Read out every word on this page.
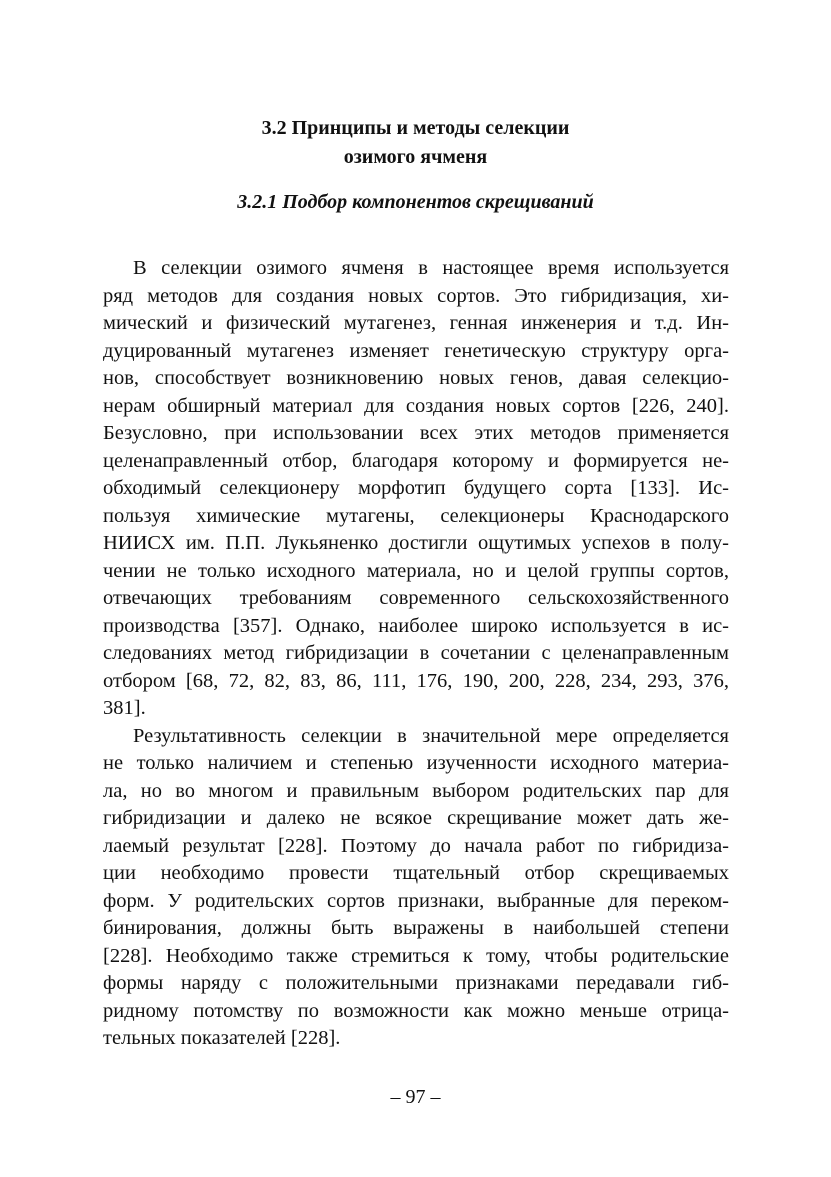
3.2 Принципы и методы селекции
озимого ячменя
3.2.1 Подбор компонентов скрещиваний
В селекции озимого ячменя в настоящее время используется
ряд методов для создания новых сортов. Это гибридизация, хи-
мический и физический мутагенез, генная инженерия и т.д. Ин-
дуцированный мутагенез изменяет генетическую структуру орга-
нов, способствует возникновению новых генов, давая селекцио-
нерам обширный материал для создания новых сортов [226, 240].
Безусловно, при использовании всех этих методов применяется
целенаправленный отбор, благодаря которому и формируется не-
обходимый селекционеру морфотип будущего сорта [133]. Ис-
пользуя химические мутагены, селекционеры Краснодарского
НИИСХ им. П.П. Лукьяненко достигли ощутимых успехов в полу-
чении не только исходного материала, но и целой группы сортов,
отвечающих требованиям современного сельскохозяйственного
производства [357]. Однако, наиболее широко используется в ис-
следованиях метод гибридизации в сочетании с целенаправленным
отбором [68, 72, 82, 83, 86, 111, 176, 190, 200, 228, 234, 293, 376,
381].
Результативность селекции в значительной мере определяется
не только наличием и степенью изученности исходного материа-
ла, но во многом и правильным выбором родительских пар для
гибридизации и далеко не всякое скрещивание может дать же-
лаемый результат [228]. Поэтому до начала работ по гибридиза-
ции необходимо провести тщательный отбор скрещиваемых
форм. У родительских сортов признаки, выбранные для переком-
бинирования, должны быть выражены в наибольшей степени
[228]. Необходимо также стремиться к тому, чтобы родительские
формы наряду с положительными признаками передавали гиб-
ридному потомству по возможности как можно меньше отрица-
тельных показателей [228].
– 97 –
